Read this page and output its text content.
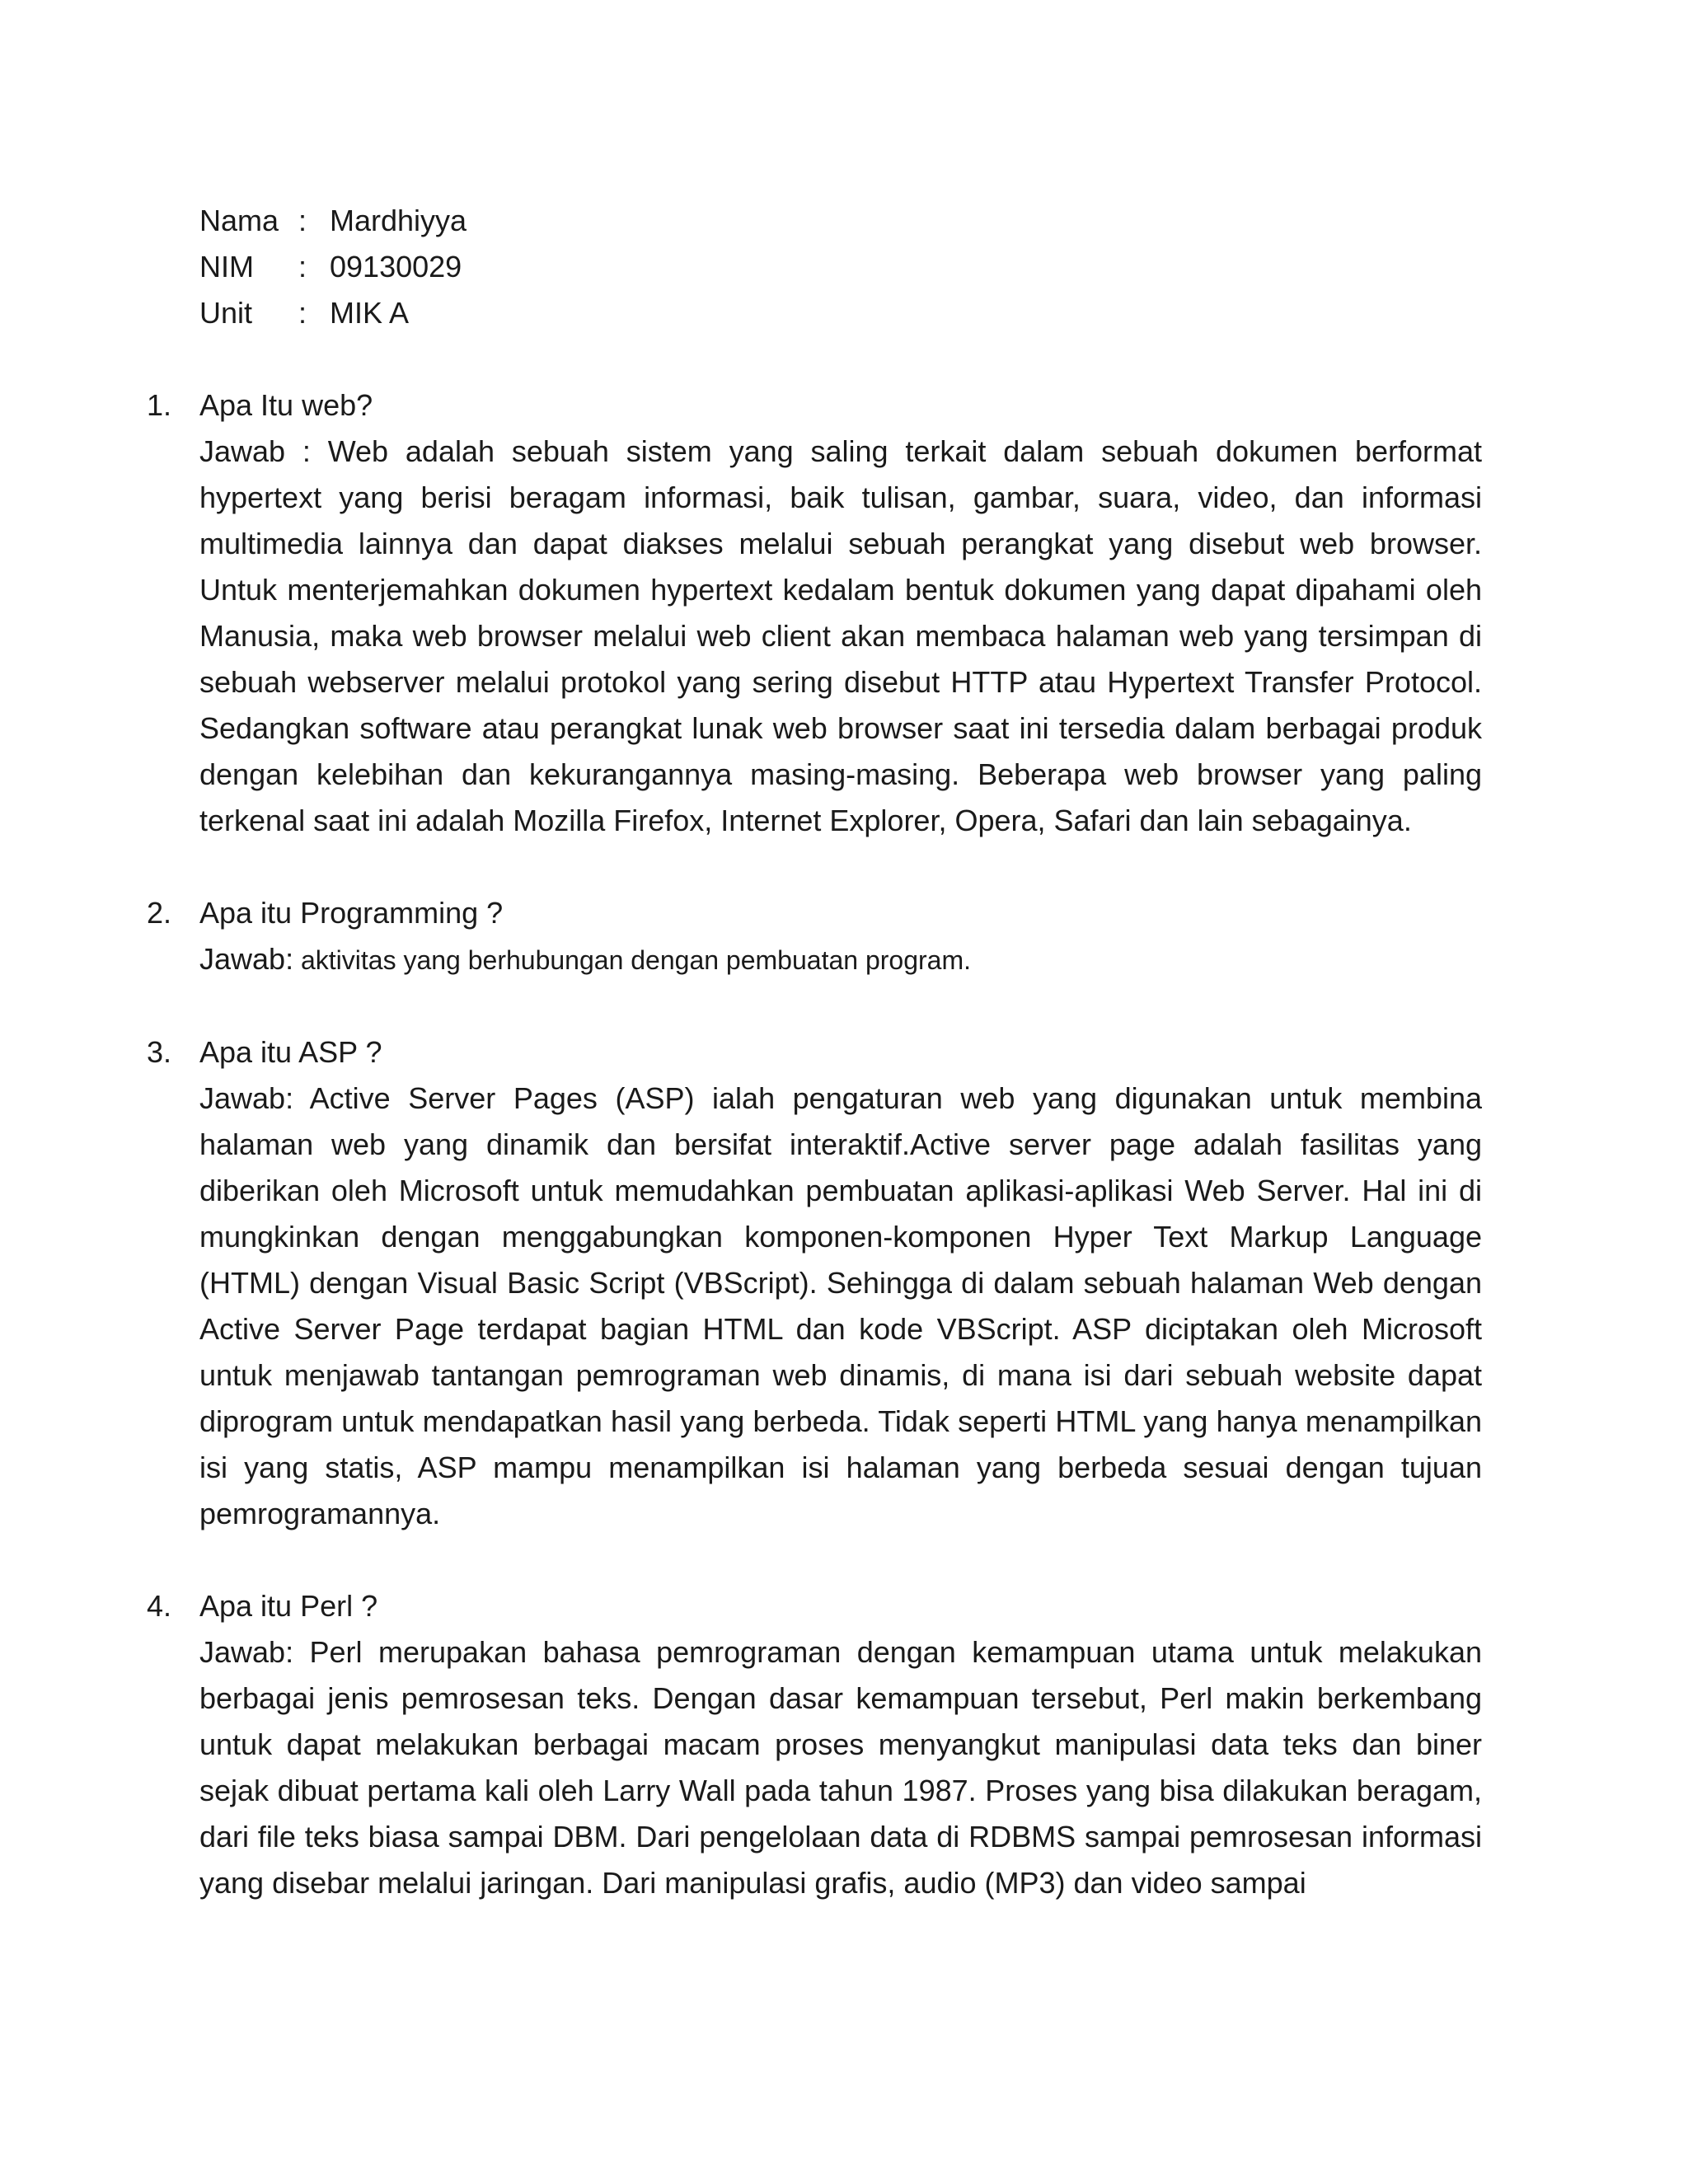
Nama : Mardhiyya
NIM	: 09130029
Unit	: MIK A
1. Apa Itu web?
Jawab : Web adalah sebuah sistem yang saling terkait dalam sebuah dokumen berformat hypertext yang berisi beragam informasi, baik tulisan, gambar, suara, video, dan informasi multimedia lainnya dan dapat diakses melalui sebuah perangkat yang disebut web browser. Untuk menterjemahkan dokumen hypertext kedalam bentuk dokumen yang dapat dipahami oleh Manusia, maka web browser melalui web client akan membaca halaman web yang tersimpan di sebuah webserver melalui protokol yang sering disebut HTTP atau Hypertext Transfer Protocol. Sedangkan software atau perangkat lunak web browser saat ini tersedia dalam berbagai produk dengan kelebihan dan kekurangannya masing-masing. Beberapa web browser yang paling terkenal saat ini adalah Mozilla Firefox, Internet Explorer, Opera, Safari dan lain sebagainya.
2. Apa itu Programming ?
Jawab: aktivitas yang berhubungan dengan pembuatan program.
3. Apa itu ASP ?
Jawab: Active Server Pages (ASP) ialah pengaturan web yang digunakan untuk membina halaman web yang dinamik dan bersifat interaktif.Active server page adalah fasilitas yang diberikan oleh Microsoft untuk memudahkan pembuatan aplikasi-aplikasi Web Server. Hal ini di mungkinkan dengan menggabungkan komponen-komponen Hyper Text Markup Language (HTML) dengan Visual Basic Script (VBScript). Sehingga di dalam sebuah halaman Web dengan Active Server Page terdapat bagian HTML dan kode VBScript. ASP diciptakan oleh Microsoft untuk menjawab tantangan pemrograman web dinamis, di mana isi dari sebuah website dapat diprogram untuk mendapatkan hasil yang berbeda. Tidak seperti HTML yang hanya menampilkan isi yang statis, ASP mampu menampilkan isi halaman yang berbeda sesuai dengan tujuan pemrogramannya.
4. Apa itu Perl ?
Jawab: Perl merupakan bahasa pemrograman dengan kemampuan utama untuk melakukan berbagai jenis pemrosesan teks. Dengan dasar kemampuan tersebut, Perl makin berkembang untuk dapat melakukan berbagai macam proses menyangkut manipulasi data teks dan biner sejak dibuat pertama kali oleh Larry Wall pada tahun 1987. Proses yang bisa dilakukan beragam, dari file teks biasa sampai DBM. Dari pengelolaan data di RDBMS sampai pemrosesan informasi yang disebar melalui jaringan. Dari manipulasi grafis, audio (MP3) dan video sampai
